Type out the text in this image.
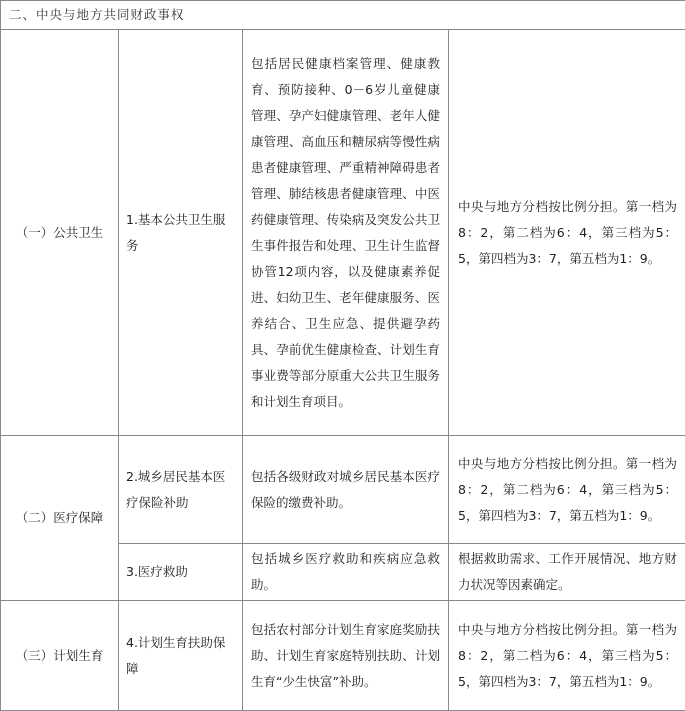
二、中央与地方共同财政事权			
（一）公共卫生	1.基本公共卫生服务	包括居民健康档案管理、健康教育、预防接种、0－6岁儿童健康管理、孕产妇健康管理、老年人健康管理、高血压和糖尿病等慢性病患者健康管理、严重精神障碍患者管理、肺结核患者健康管理、中医药健康管理、传染病及突发公共卫生事件报告和处理、卫生计生监督协管12项内容，以及健康素养促进、妇幼卫生、老年健康服务、医养结合、卫生应急、提供避孕药具、孕前优生健康检查、计划生育事业费等部分原重大公共卫生服务和计划生育项目。	中央与地方分档按比例分担。第一档为8：2，第二档为6：4，第三档为5：5，第四档为3：7，第五档为1：9。
（二）医疗保障	2.城乡居民基本医疗保险补助	包括各级财政对城乡居民基本医疗保险的缴费补助。	中央与地方分档按比例分担。第一档为8：2，第二档为6：4，第三档为5：5，第四档为3：7，第五档为1：9。
	3.医疗救助	包括城乡医疗救助和疾病应急救助。	根据救助需求、工作开展情况、地方财力状况等因素确定。
（三）计划生育	4.计划生育扶助保障	包括农村部分计划生育家庭奖励扶助、计划生育家庭特别扶助、计划生育“少生快富”补助。	中央与地方分档按比例分担。第一档为8：2，第二档为6：4，第三档为5：5，第四档为3：7，第五档为1：9。
